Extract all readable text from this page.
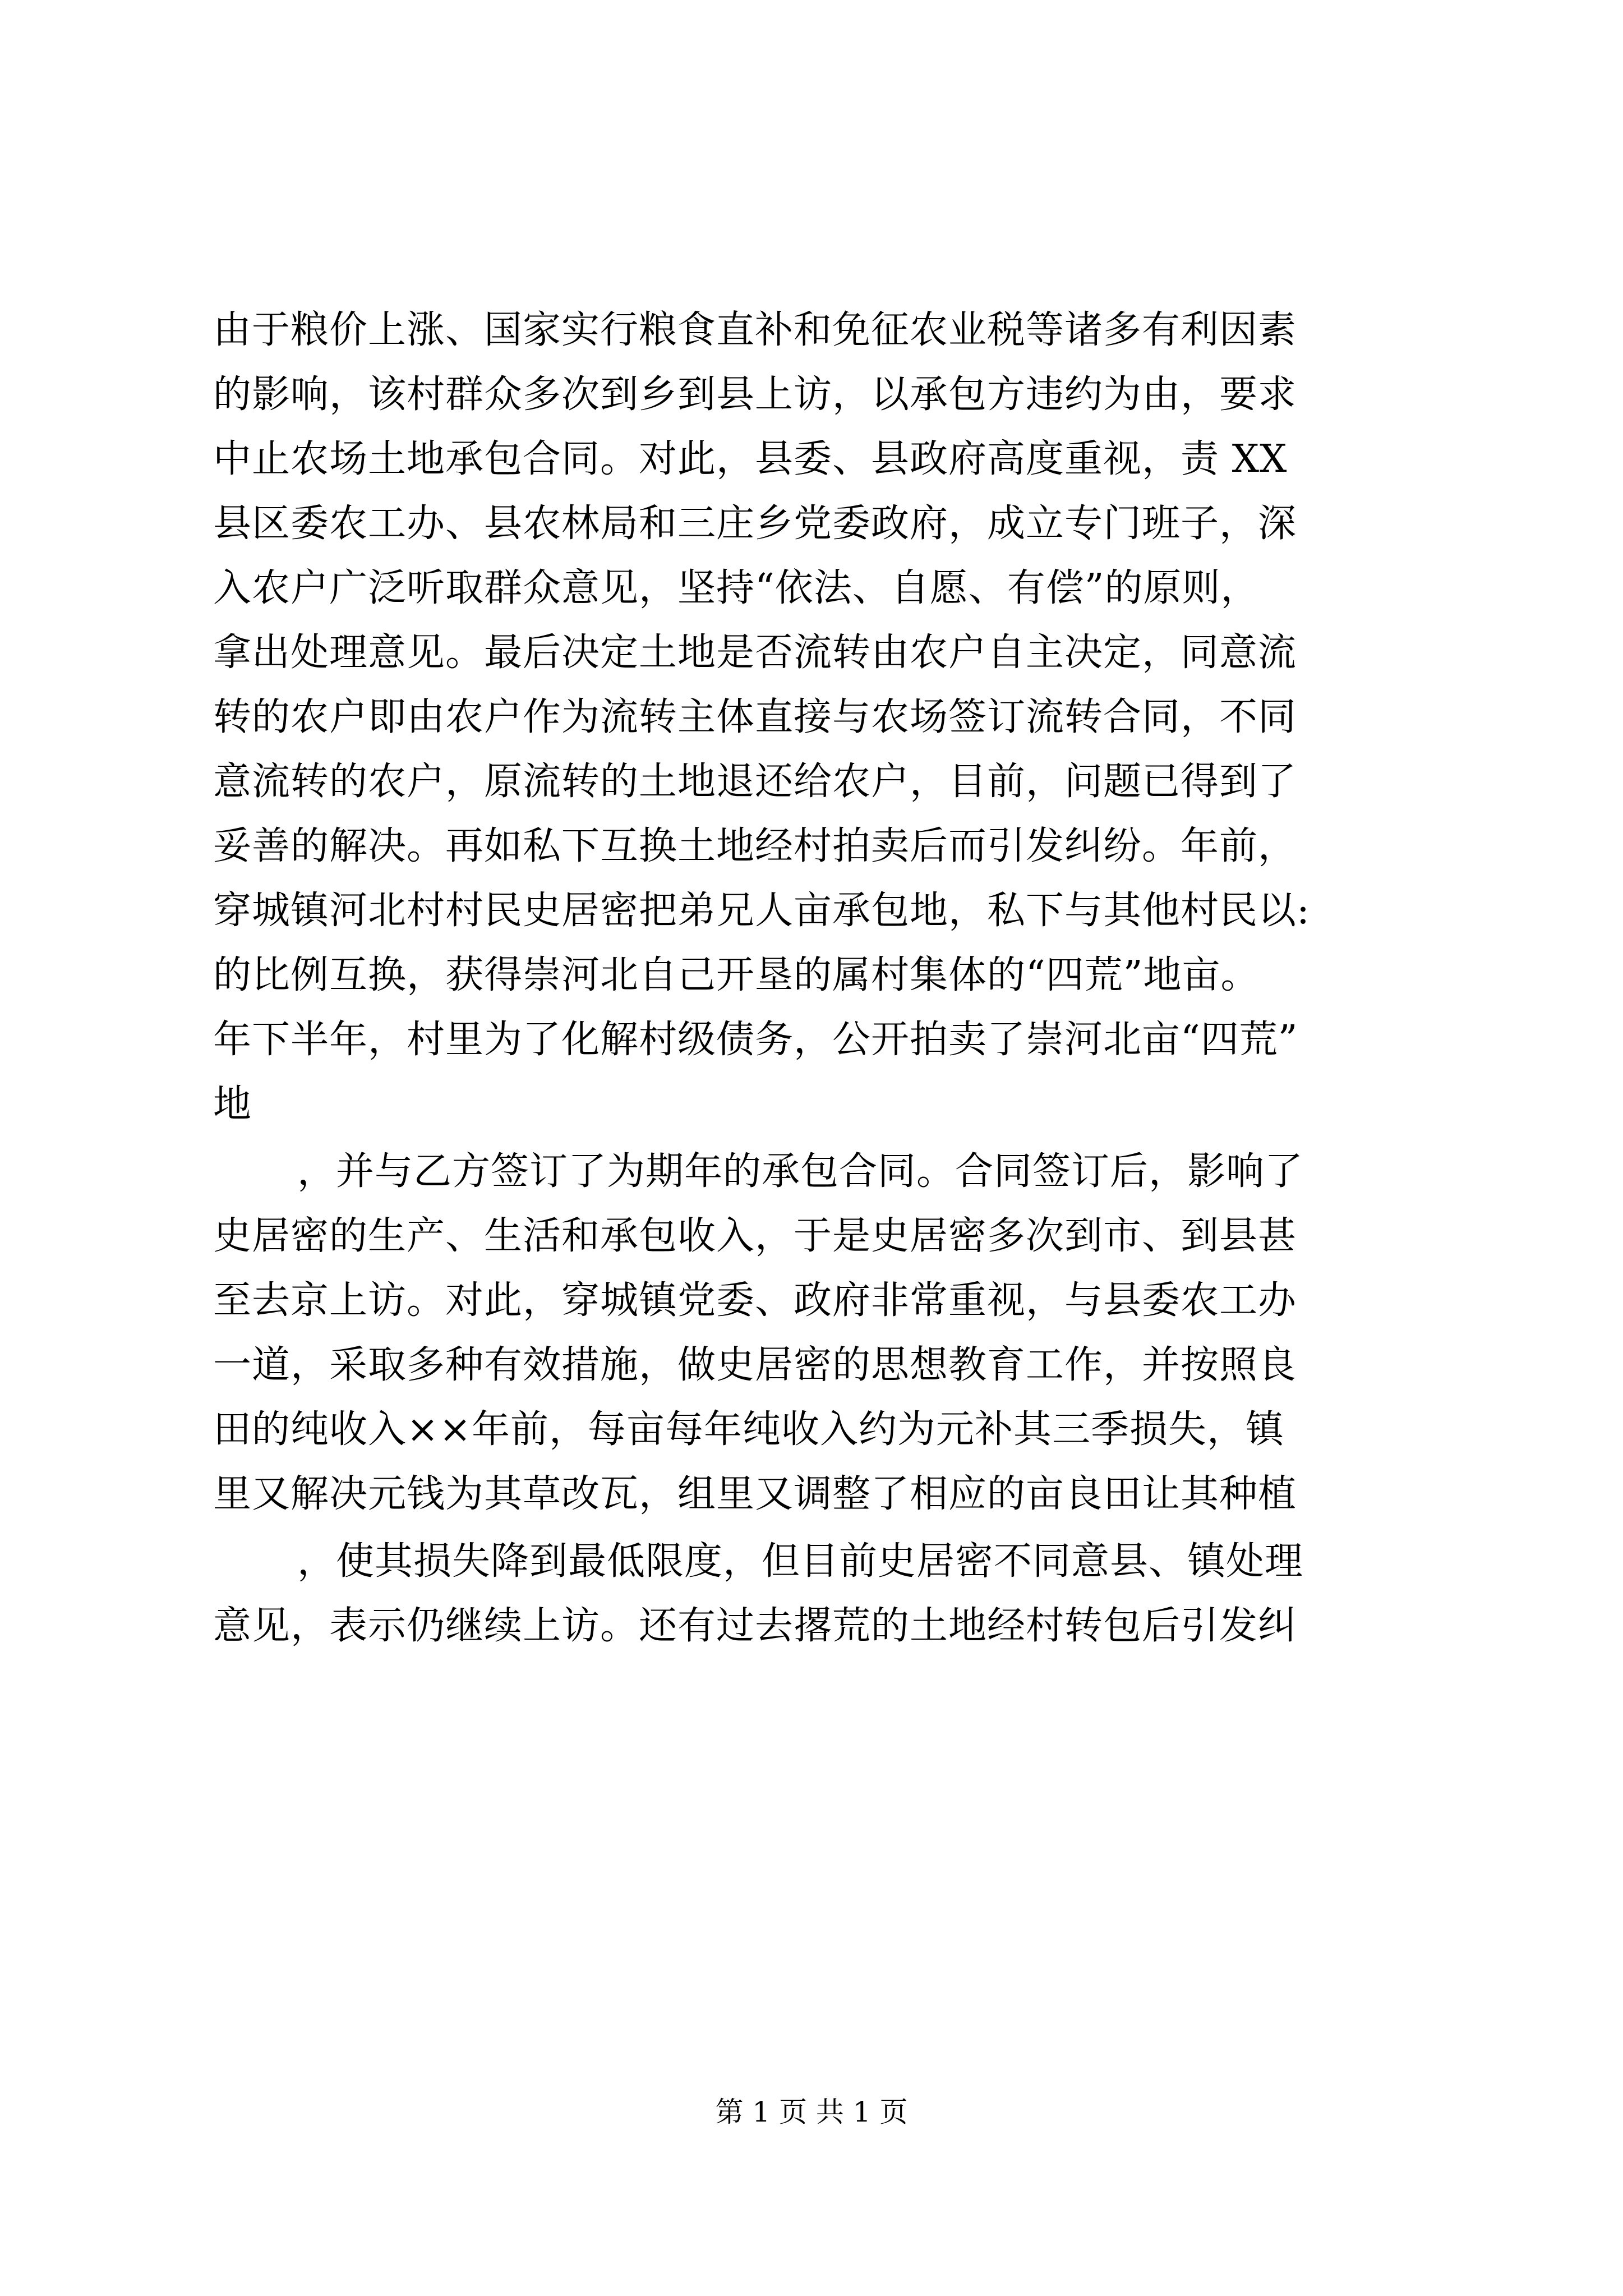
由于粮价上涨、国家实行粮食直补和免征农业税等诸多有利因素

的影响，该村群众多次到乡到县上访，以承包方违约为由，要求

中止农场土地承包合同。对此，县委、县政府高度重视，责 XX

县区委农工办、县农林局和三庄乡党委政府，成立专门班子，深

入农户广泛听取群众意见，坚持“依法、自愿、有偿”的原则，

拿出处理意见。最后决定土地是否流转由农户自主决定，同意流

转的农户即由农户作为流转主体直接与农场签订流转合同，不同

意流转的农户，原流转的土地退还给农户，目前，问题已得到了

妥善的解决。再如私下互换土地经村拍卖后而引发纠纷。年前，

穿城镇河北村村民史居密把弟兄人亩承包地，私下与其他村民以:

的比例互换，获得崇河北自己开垦的属村集体的“四荒”地亩。

年下半年，村里为了化解村级债务，公开拍卖了崇河北亩“四荒”

地

，并与乙方签订了为期年的承包合同。合同签订后，影响了

史居密的生产、生活和承包收入，于是史居密多次到市、到县甚

至去京上访。对此，穿城镇党委、政府非常重视，与县委农工办

一道，采取多种有效措施，做史居密的思想教育工作，并按照良

田的纯收入××年前，每亩每年纯收入约为元补其三季损失，镇

里又解决元钱为其草改瓦，组里又调整了相应的亩良田让其种植

，使其损失降到最低限度，但目前史居密不同意县、镇处理

意见，表示仍继续上访。还有过去撂荒的土地经村转包后引发纠

第 1 页 共 1 页
